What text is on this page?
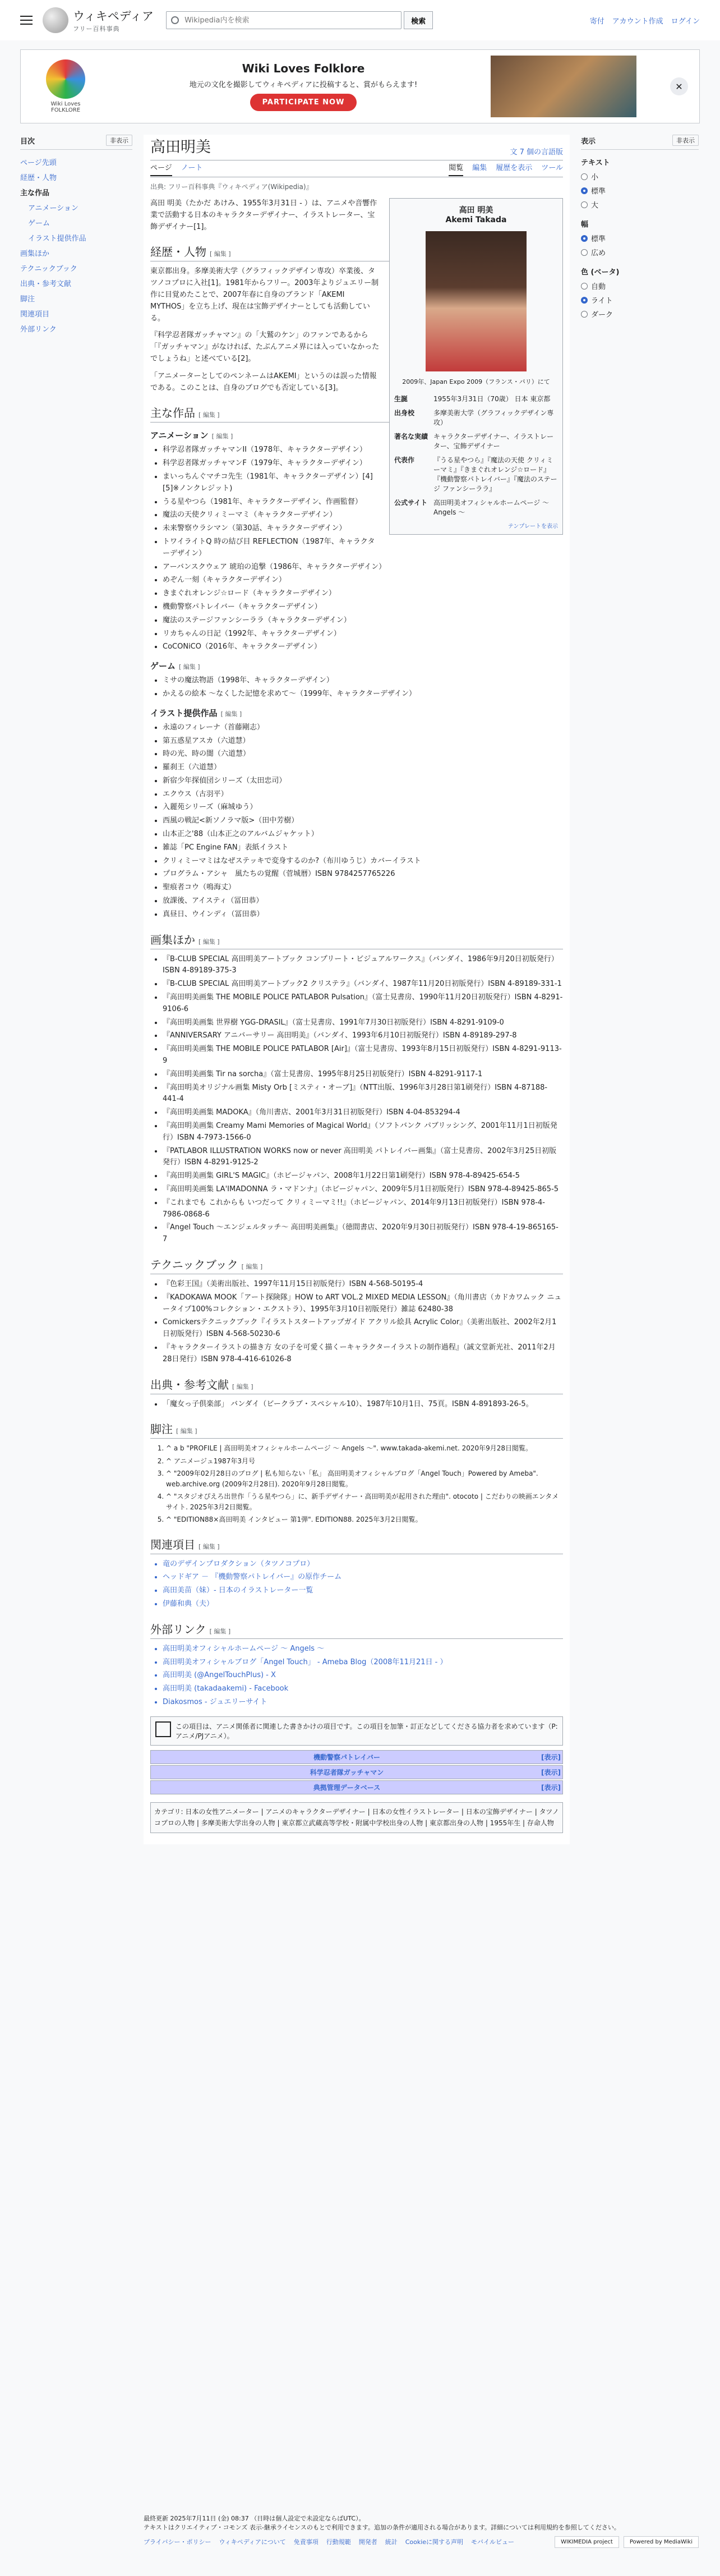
ウィキペディア
フリー百科事典
Wikipedia内を検索
検索	寄付 アカウント作成 ログイン
Wiki Loves FOLKLORE
Wiki Loves Folklore
地元の文化を撮影してウィキペディアに投稿すると、賞がもらえます!
PARTICIPATE NOW
✕
目次	非表示
ページ先頭
経歴・人物
主な作品
アニメーション
ゲーム
イラスト提供作品
画集ほか
テクニックブック
出典・参考文献
脚注
関連項目
外部リンク
表示	非表示
テキスト
小
標準
大
幅
標準
広め
色 (ベータ)
自動
ライト
ダーク
高田明美	文 7 個の言語版
ページ ノート	閲覧 編集 履歴を表示 ツール
出典: フリー百科事典『ウィキペディア(Wikipedia)』
高田 明美
Akemi Takada
2009年、Japan Expo 2009（フランス・パリ）にて
生誕	1955年3月31日（70歳） 日本 東京都
出身校	多摩美術大学（グラフィックデザイン専攻）
著名な実績	キャラクターデザイナー、イラストレーター、宝飾デザイナー
代表作	『うる星やつら』『魔法の天使 クリィミーマミ』『きまぐれオレンジ☆ロード』『機動警察パトレイバー』『魔法のステージ ファンシーララ』
公式サイト	高田明美オフィシャルホームページ 〜 Angels 〜
テンプレートを表示

高田 明美（たかだ あけみ、1955年3月31日 - ）は、アニメや音響作業で活動する日本のキャラクターデザイナー、イラストレーター、宝飾デザイナー[1]。

経歴・人物 [ 編集 ]

東京都出身。多摩美術大学（グラフィックデザイン専攻）卒業後、タツノコプロに入社[1]。1981年からフリー。2003年よりジュエリー制作に目覚めたことで、2007年春に自身のブランド「AKEMI MYTHOS」を立ち上げ、現在は宝飾デザイナーとしても活動している。

『科学忍者隊ガッチャマン』の「大鷲のケン」のファンであるから「『ガッチャマン』がなければ、たぶんアニメ界には入っていなかったでしょうね」と述べている[2]。

「アニメーターとしてのペンネームはAKEMI」というのは誤った情報である。このことは、自身のブログでも否定している[3]。

主な作品 [ 編集 ]
アニメーション [ 編集 ]
• 科学忍者隊ガッチャマンII（1978年、キャラクターデザイン）
• 科学忍者隊ガッチャマンF（1979年、キャラクターデザイン）
• まいっちんぐマチコ先生（1981年、キャラクターデザイン）[4][5]※ノンクレジット)
• うる星やつら（1981年、キャラクターデザイン、作画監督）
• 魔法の天使クリィミーマミ（キャラクターデザイン）
• 未来警察ウラシマン（第30話、キャラクターデザイン）
• トワイライトQ 時の結び目 REFLECTION（1987年、キャラクターデザイン）
• アーバンスクウェア 琥珀の追撃（1986年、キャラクターデザイン）
• めぞん一刻（キャラクターデザイン）
• きまぐれオレンジ☆ロード（キャラクターデザイン）
• 機動警察パトレイバー（キャラクターデザイン）
• 魔法のステージファンシーララ（キャラクターデザイン）
• リカちゃんの日記（1992年、キャラクターデザイン）
• CoCONiCO（2016年、キャラクターデザイン）
ゲーム [ 編集 ]
• ミサの魔法物語（1998年、キャラクターデザイン）
• かえるの絵本 〜なくした記憶を求めて〜（1999年、キャラクターデザイン）
イラスト提供作品 [ 編集 ]
• 永遠のフィレーナ（首藤剛志）
• 第五惑星アスカ（六道慧）
• 時の光、時の闇（六道慧）
• 羅刹王（六道慧）
• 新宿少年探偵団シリーズ（太田忠司）
• エクウス（古羽平）
• 入麗苑シリーズ（麻城ゆう）
• 西風の戦記<新ソノラマ版>（田中芳樹）
• 山本正之'88（山本正之のアルバムジャケット）
• 雑誌「PC Engine FAN」表紙イラスト
• クリィミーマミはなぜステッキで変身するのか?（布川ゆうじ）カバーイラスト
• プログラム・アシャ　風たちの覚醒（菅城暦）ISBN 9784257765226
• 聖痕者コウ（鳴海丈）
• 放課後、アイスティ（冨田恭）
• 真昼日、ウインディ（冨田恭）
画集ほか [ 編集 ]
• 『B-CLUB SPECIAL 高田明美アートブック コンプリート・ビジュアルワークス』（バンダイ、1986年9月20日初版発行）ISBN 4-89189-375-3
• 『B-CLUB SPECIAL 高田明美アートブック2 クリステラ』（バンダイ、1987年11月20日初版発行）ISBN 4-89189-331-1
• 『高田明美画集 THE MOBILE POLICE PATLABOR Pulsation』（富士見書房、1990年11月20日初版発行）ISBN 4-8291-9106-6
• 『高田明美画集 世界樹 YGG-DRASIL』（富士見書房、1991年7月30日初版発行）ISBN 4-8291-9109-0
• 『ANNIVERSARY アニバーサリー 高田明美』（バンダイ、1993年6月10日初版発行）ISBN 4-89189-297-8
• 『高田明美画集 THE MOBILE POLICE PATLABOR [Air]』（富士見書房、1993年8月15日初版発行）ISBN 4-8291-9113-9
• 『高田明美画集 Tir na sorcha』（富士見書房、1995年8月25日初版発行）ISBN 4-8291-9117-1
• 『高田明美オリジナル画集 Misty Orb [ミスティ・オーブ]』（NTT出版、1996年3月28日第1刷発行）ISBN 4-87188-441-4
• 『高田明美画集 MADOKA』（角川書店、2001年3月31日初版発行）ISBN 4-04-853294-4
• 『高田明美画集 Creamy Mami Memories of Magical World』（ソフトバンク パブリッシング、2001年11月1日初版発行）ISBN 4-7973-1566-0
• 『PATLABOR ILLUSTRATION WORKS now or never 高田明美 パトレイバー画集』（富士見書房、2002年3月25日初版発行）ISBN 4-8291-9125-2
• 『高田明美画集 GIRL'S MAGIC』（ホビージャパン、2008年1月22日第1刷発行）ISBN 978-4-89425-654-5
• 『高田明美画集 LA'IMADONNA ラ・マドンナ』（ホビージャパン、2009年5月1日初版発行）ISBN 978-4-89425-865-5
• 『これまでも これからも いつだって クリィミーマミ!!』（ホビージャパン、2014年9月13日初版発行）ISBN 978-4-7986-0868-6
• 『Angel Touch 〜エンジェルタッチ〜 高田明美画集』（徳間書店、2020年9月30日初版発行）ISBN 978-4-19-865165-7
テクニックブック [ 編集 ]
• 『色彩王国』（美術出版社、1997年11月15日初版発行）ISBN 4-568-50195-4
• 『KADOKAWA MOOK「アート探険隊」HOW to ART VOL.2 MIXED MEDIA LESSON』（角川書店（カドカワムック ニュータイプ100%コレクション・エクストラ）、1995年3月10日初版発行）雑誌 62480-38
• Comickersテクニックブック『イラストスタートアップガイド アクリル絵具 Acrylic Color』（美術出版社、2002年2月1日初版発行）ISBN 4-568-50230-6
• 『キャラクターイラストの描き方 女の子を可愛く描くーキャラクターイラストの制作過程』（誠文堂新光社、2011年2月28日発行）ISBN 978-4-416-61026-8
出典・参考文献 [ 編集 ]
• 「魔女っ子倶楽部」 バンダイ（ビークラブ・スペシャル10）、1987年10月1日、75頁。ISBN 4-891893-26-5。
脚注 [ 編集 ]
1. ^ a b "PROFILE | 高田明美オフィシャルホームページ 〜 Angels 〜". www.takada-akemi.net. 2020年9月28日閲覧。
2. ^ アニメージュ1987年3月号
3. ^ "2009年02月28日のブログ | 私も知らない「私」 高田明美オフィシャルブログ「Angel Touch」Powered by Ameba". web.archive.org (2009年2月28日). 2020年9月28日閲覧。
4. ^ "スタジオぴえろ出世作「うる星やつら」に、新手デザイナー・高田明美が起用された理由". otocoto | こだわりの映画エンタメサイト. 2025年3月2日閲覧。
5. ^ "EDITION88×高田明美 インタビュー 第1弾". EDITION88. 2025年3月2日閲覧。
関連項目 [ 編集 ]
• 竜のデザインプロダクション（タツノコプロ）
• ヘッドギア － 『機動警察パトレイバー』の原作チーム
• 高田美苗（妹）- 日本のイラストレーター一覧
• 伊藤和典（夫）
外部リンク [ 編集 ]
• 高田明美オフィシャルホームページ 〜 Angels 〜
• 高田明美オフィシャルブログ「Angel Touch」 - Ameba Blog（2008年11月21日 - ）
• 高田明美 (@AngelTouchPlus) - X
• 高田明美 (takadaakemi) - Facebook
• Diakosmos - ジュエリーサイト
この項目は、アニメ関係者に関連した書きかけの項目です。この項目を加筆・訂正などしてくださる協力者を求めています（P:アニメ/PJアニメ）。
機動警察パトレイバー	[表示]
科学忍者隊ガッチャマン	[表示]
典拠管理データベース	[表示]
カテゴリ: 日本の女性アニメーター | アニメのキャラクターデザイナー | 日本の女性イラストレーター | 日本の宝飾デザイナー | タツノコプロの人物 | 多摩美術大学出身の人物 | 東京都立武蔵高等学校・附属中学校出身の人物 | 東京都出身の人物 | 1955年生 | 存命人物
最終更新 2025年7月11日 (金) 08:37 （日時は個人設定で未設定ならばUTC）。
テキストはクリエイティブ・コモンズ 表示-継承ライセンスのもとで利用できます。追加の条件が適用される場合があります。詳細については利用規約を参照してください。
プライバシー・ポリシー ウィキペディアについて 免責事項 行動規範 開発者 統計 Cookieに関する声明 モバイルビュー	WIKIMEDIA project	Powered by MediaWiki
